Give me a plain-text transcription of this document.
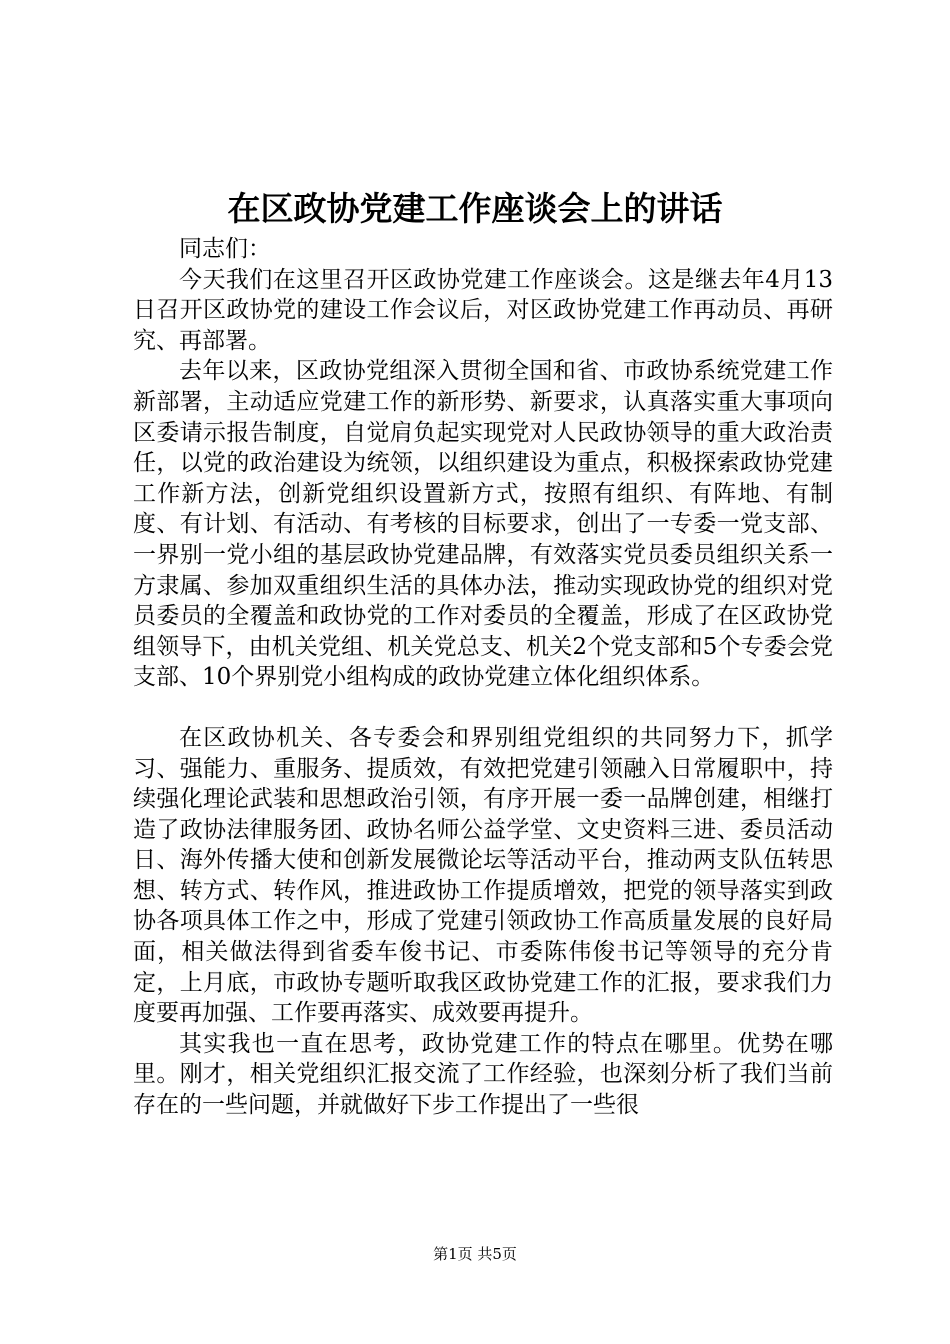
在区政协党建工作座谈会上的讲话

同志们：

今天我们在这里召开区政协党建工作座谈会。这是继去年4月13日召开区政协党的建设工作会议后，对区政协党建工作再动员、再研究、再部署。

去年以来，区政协党组深入贯彻全国和省、市政协系统党建工作新部署，主动适应党建工作的新形势、新要求，认真落实重大事项向区委请示报告制度，自觉肩负起实现党对人民政协领导的重大政治责任，以党的政治建设为统领，以组织建设为重点，积极探索政协党建工作新方法，创新党组织设置新方式，按照有组织、有阵地、有制度、有计划、有活动、有考核的目标要求，创出了一专委一党支部、一界别一党小组的基层政协党建品牌，有效落实党员委员组织关系一方隶属、参加双重组织生活的具体办法，推动实现政协党的组织对党员委员的全覆盖和政协党的工作对委员的全覆盖，形成了在区政协党组领导下，由机关党组、机关党总支、机关2个党支部和5个专委会党支部、10个界别党小组构成的政协党建立体化组织体系。

在区政协机关、各专委会和界别组党组织的共同努力下，抓学习、强能力、重服务、提质效，有效把党建引领融入日常履职中，持续强化理论武装和思想政治引领，有序开展一委一品牌创建，相继打造了政协法律服务团、政协名师公益学堂、文史资料三进、委员活动日、海外传播大使和创新发展微论坛等活动平台，推动两支队伍转思想、转方式、转作风，推进政协工作提质增效，把党的领导落实到政协各项具体工作之中，形成了党建引领政协工作高质量发展的良好局面，相关做法得到省委车俊书记、市委陈伟俊书记等领导的充分肯定，上月底，市政协专题听取我区政协党建工作的汇报，要求我们力度要再加强、工作要再落实、成效要再提升。

其实我也一直在思考，政协党建工作的特点在哪里。优势在哪里。刚才，相关党组织汇报交流了工作经验，也深刻分析了我们当前存在的一些问题，并就做好下步工作提出了一些很

第1页 共5页
